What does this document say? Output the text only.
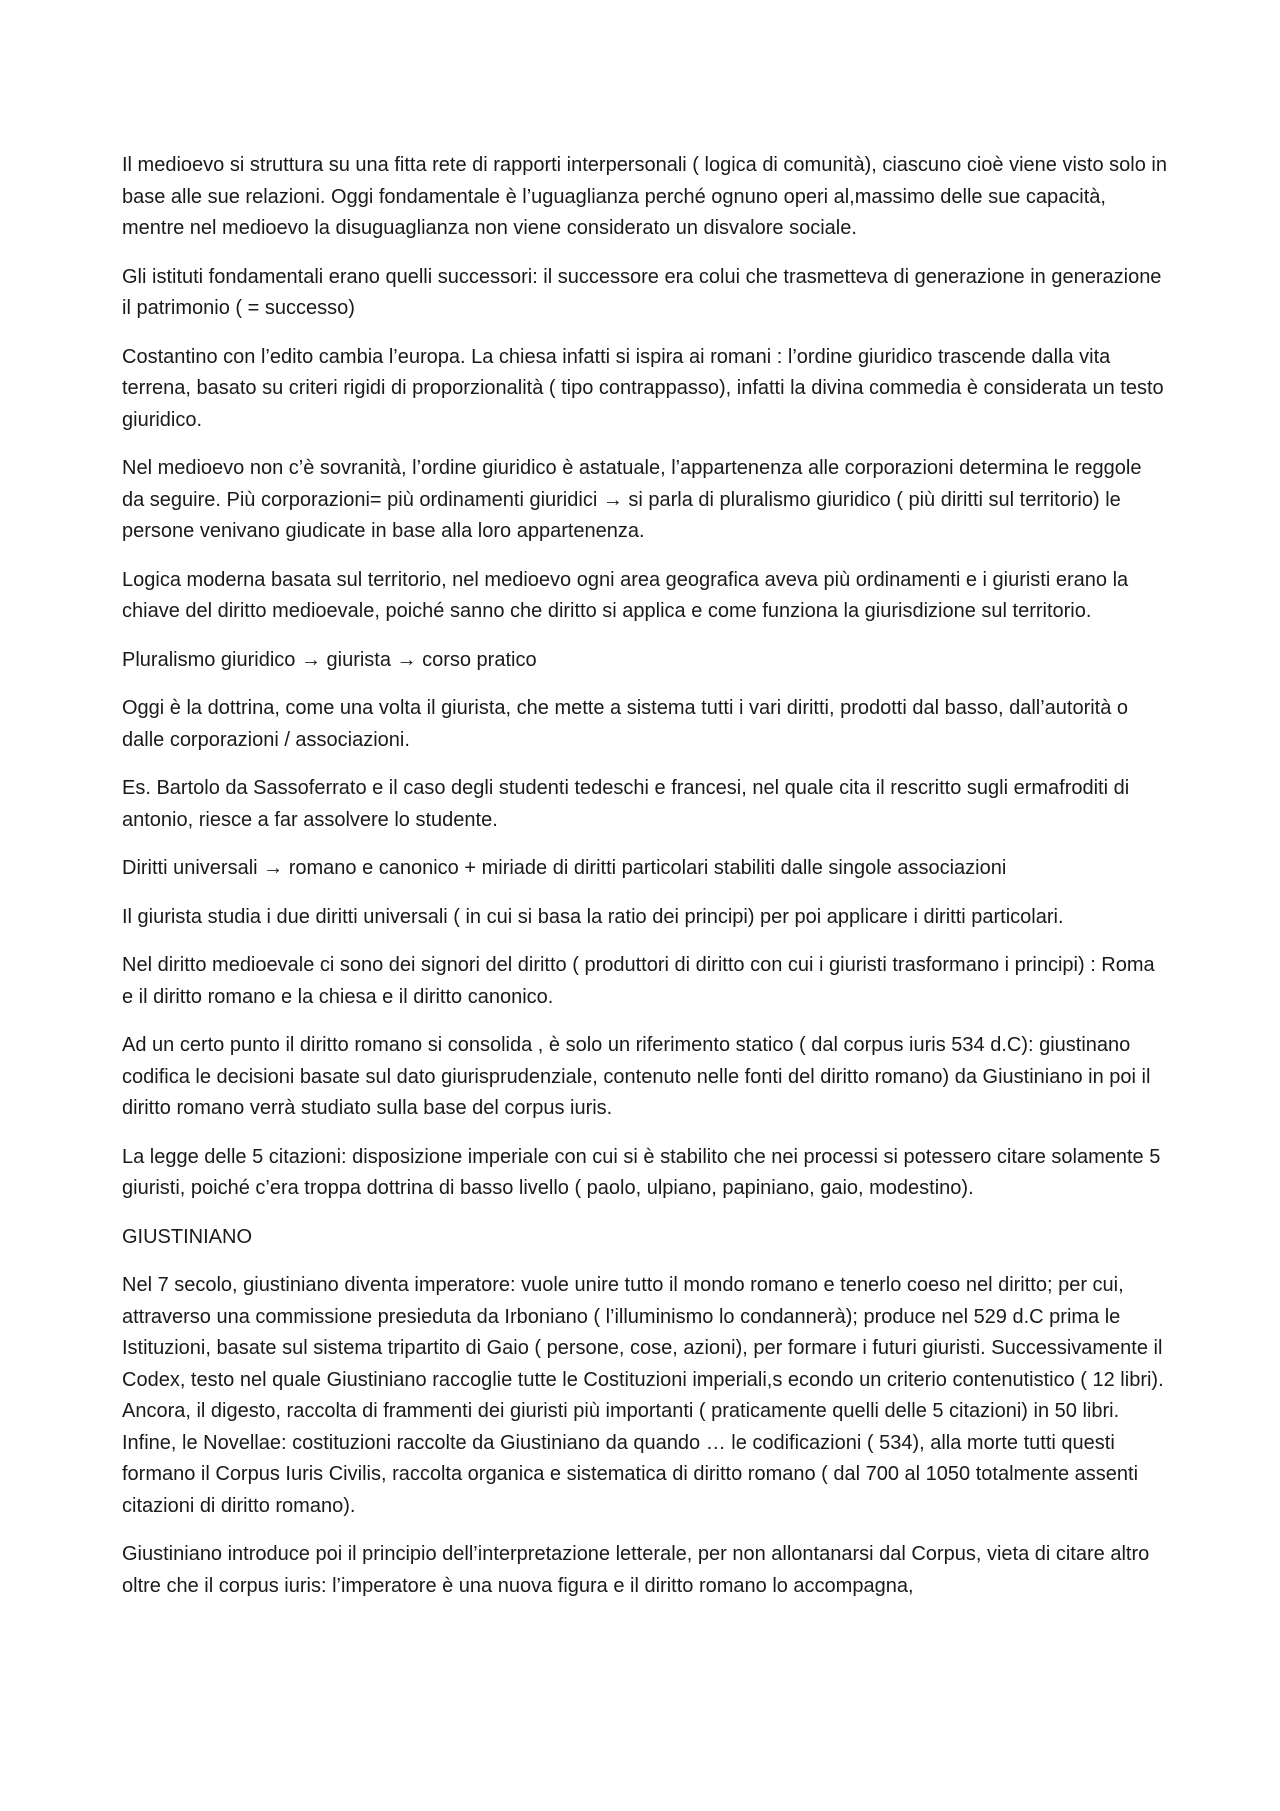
Il medioevo si struttura su una fitta rete di rapporti interpersonali ( logica di comunità), ciascuno cioè viene visto solo in base alle sue relazioni. Oggi fondamentale è l’uguaglianza perché ognuno operi al,massimo delle sue capacità, mentre nel medioevo la disuguaglianza non viene considerato un disvalore sociale.

Gli istituti fondamentali erano quelli successori: il successore era colui che trasmetteva di generazione in generazione il patrimonio ( = successo)

Costantino con l’edito cambia l’europa. La chiesa infatti si ispira ai romani : l’ordine giuridico trascende dalla vita terrena, basato su criteri rigidi di proporzionalità ( tipo contrappasso), infatti la divina commedia è considerata un testo giuridico.

Nel medioevo non c’è sovranità, l’ordine giuridico è astatuale, l’appartenenza alle corporazioni determina le reggole da seguire. Più corporazioni= più ordinamenti giuridici → si parla di pluralismo giuridico ( più diritti sul territorio) le persone venivano giudicate in base alla loro appartenenza.

Logica moderna basata sul territorio, nel medioevo ogni area geografica aveva più ordinamenti e i giuristi erano la chiave del diritto medioevale, poiché sanno che diritto si applica e come funziona la giurisdizione sul territorio.

Pluralismo giuridico → giurista → corso pratico

Oggi è la dottrina, come una volta il giurista, che mette a sistema tutti i vari diritti, prodotti dal basso, dall’autorità o dalle corporazioni / associazioni.

Es. Bartolo da Sassoferrato e il caso degli studenti tedeschi e francesi, nel quale cita il rescritto sugli ermafroditi di antonio, riesce a far assolvere lo studente.

Diritti universali → romano e canonico + miriade di diritti particolari stabiliti dalle singole associazioni

Il giurista studia i due diritti universali ( in cui si basa la ratio dei principi) per poi applicare i diritti particolari.

Nel diritto medioevale ci sono dei signori del diritto ( produttori di diritto con cui i giuristi trasformano i principi) : Roma e il diritto romano e la chiesa e il diritto canonico.

Ad un certo punto il diritto romano si consolida , è solo un riferimento statico ( dal corpus iuris 534 d.C): giustinano codifica le decisioni basate sul dato giurisprudenziale, contenuto nelle fonti del diritto romano) da Giustiniano in poi il diritto romano verrà studiato sulla base del corpus iuris.

La legge delle 5 citazioni: disposizione imperiale con cui si è stabilito che nei processi si potessero citare solamente 5 giuristi, poiché c’era troppa dottrina di basso livello ( paolo, ulpiano, papiniano, gaio, modestino).

GIUSTINIANO

Nel 7 secolo, giustiniano diventa imperatore: vuole unire tutto il mondo romano e tenerlo coeso nel diritto; per cui, attraverso una commissione presieduta da Irboniano ( l’illuminismo lo condannerà); produce nel 529 d.C prima le Istituzioni, basate sul sistema tripartito di Gaio ( persone, cose, azioni), per formare i futuri giuristi. Successivamente il Codex, testo nel quale Giustiniano raccoglie tutte le Costituzioni imperiali,s econdo un criterio contenutistico ( 12 libri). Ancora, il digesto, raccolta di frammenti dei giuristi più importanti ( praticamente quelli delle 5 citazioni) in 50 libri. Infine, le Novellae: costituzioni raccolte da Giustiniano da quando … le codificazioni ( 534), alla morte tutti questi formano il Corpus Iuris Civilis, raccolta organica e sistematica di diritto romano ( dal 700 al 1050 totalmente assenti citazioni di diritto romano).

Giustiniano introduce poi il principio dell’interpretazione letterale, per non allontanarsi dal Corpus, vieta di citare altro oltre che il corpus iuris: l’imperatore è una nuova figura e il diritto romano lo accompagna,
